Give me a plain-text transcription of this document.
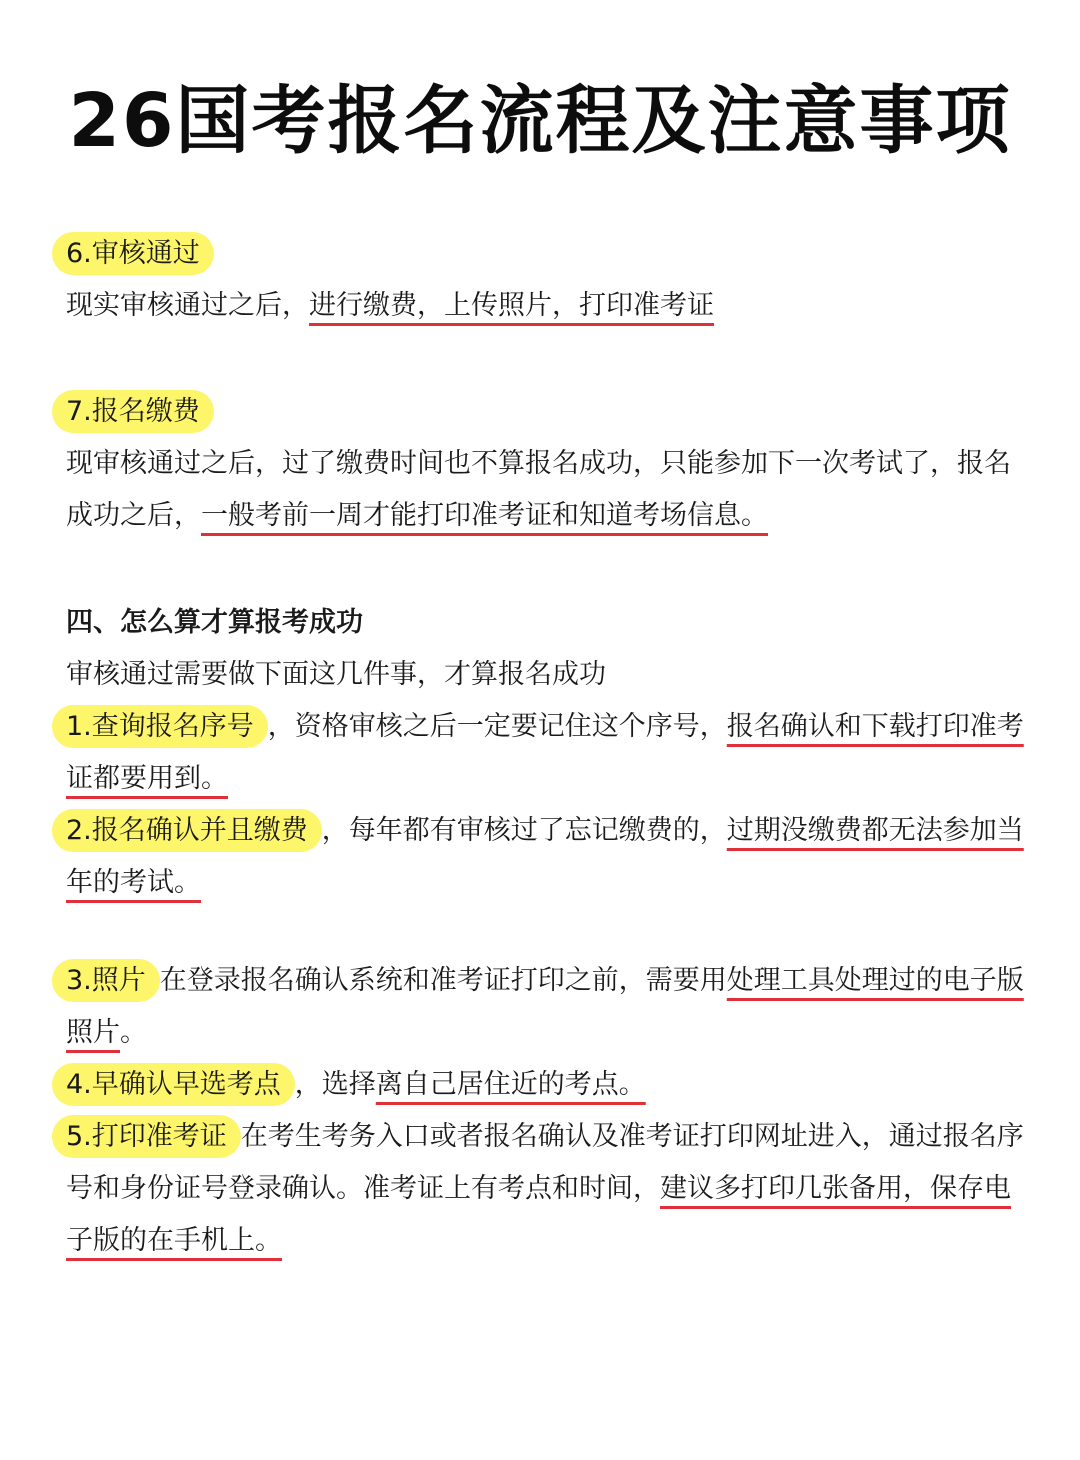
26国考报名流程及注意事项
6.审核通过
现实审核通过之后，进行缴费，上传照片，打印准考证
7.报名缴费
现审核通过之后，过了缴费时间也不算报名成功，只能参加下一次考试了，报名
成功之后，一般考前一周才能打印准考证和知道考场信息。
四、怎么算才算报考成功
审核通过需要做下面这几件事，才算报名成功
1.查询报名序号 ，资格审核之后一定要记住这个序号，报名确认和下载打印准考
证都要用到。
2.报名确认并且缴费 ，每年都有审核过了忘记缴费的，过期没缴费都无法参加当
年的考试。
3.照片 在登录报名确认系统和准考证打印之前，需要用处理工具处理过的电子版
照片。
4.早确认早选考点 ，选择离自己居住近的考点。
5.打印准考证 在考生考务入口或者报名确认及准考证打印网址进入，通过报名序
号和身份证号登录确认。准考证上有考点和时间，建议多打印几张备用，保存电
子版的在手机上。
